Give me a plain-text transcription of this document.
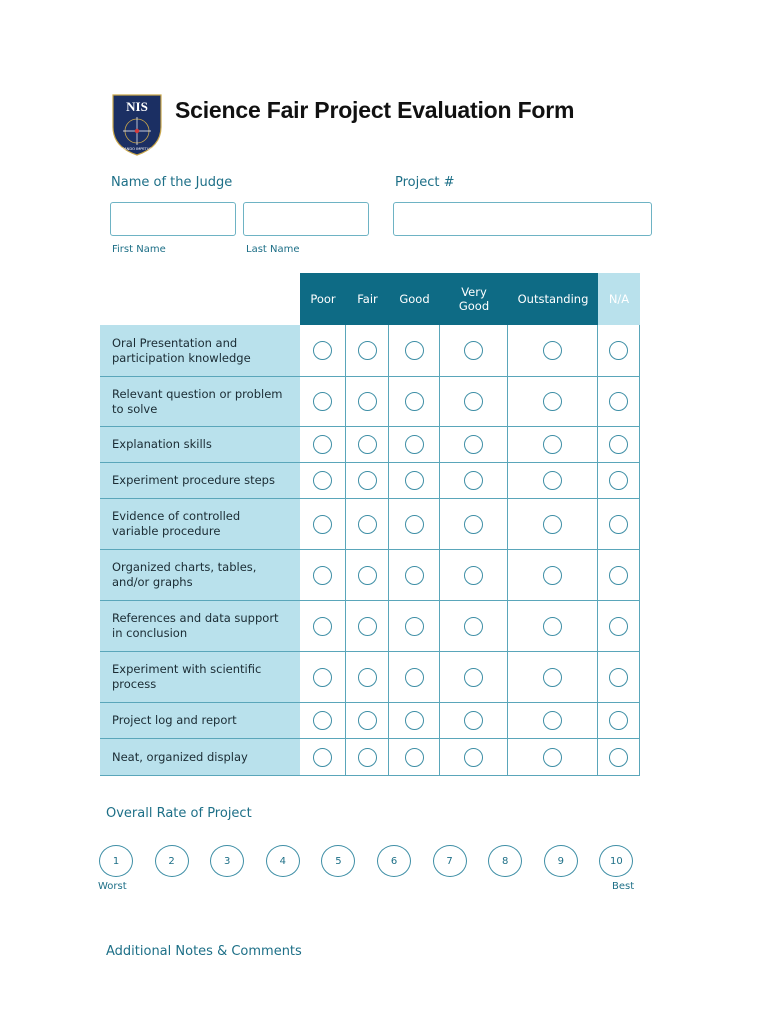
NIS
PANDO IMPETUS
Science Fair Project Evaluation Form
Name of the Judge	Project #
First Name	Last Name
Poor	Fair	Good	Very Good	Outstanding	N/A
Oral Presentation and participation knowledge
Relevant question or problem to solve
Explanation skills
Experiment procedure steps
Evidence of controlled variable procedure
Organized charts, tables, and/or graphs
References and data support in conclusion
Experiment with scientific process
Project log and report
Neat, organized display
Overall Rate of Project
1	2	3	4	5	6	7	8	9	10
Worst	Best
Additional Notes & Comments
